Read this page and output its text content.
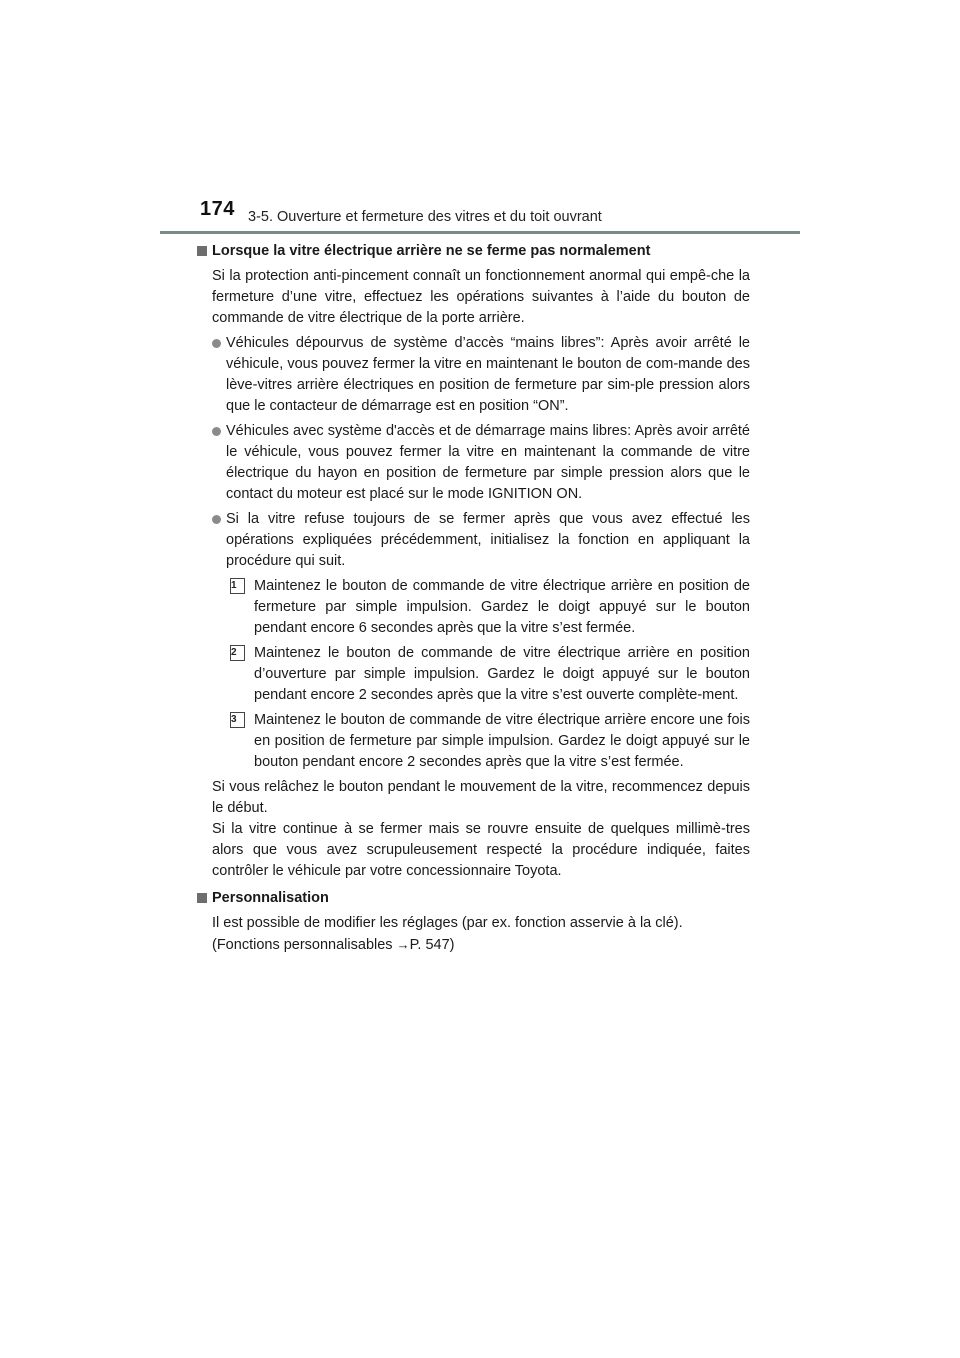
174 3-5. Ouverture et fermeture des vitres et du toit ouvrant

Lorsque la vitre électrique arrière ne se ferme pas normalement

Si la protection anti-pincement connaît un fonctionnement anormal qui empê-che la fermeture d’une vitre, effectuez les opérations suivantes à l’aide du bouton de commande de vitre électrique de la porte arrière.

Véhicules dépourvus de système d’accès “mains libres”: Après avoir arrêté le véhicule, vous pouvez fermer la vitre en maintenant le bouton de com-mande des lève-vitres arrière électriques en position de fermeture par sim-ple pression alors que le contacteur de démarrage est en position “ON”.
Véhicules avec système d'accès et de démarrage mains libres: Après avoir arrêté le véhicule, vous pouvez fermer la vitre en maintenant la commande de vitre électrique du hayon en position de fermeture par simple pression alors que le contact du moteur est placé sur le mode IGNITION ON.
Si la vitre refuse toujours de se fermer après que vous avez effectué les opérations expliquées précédemment, initialisez la fonction en appliquant la procédure qui suit.
1	Maintenez le bouton de commande de vitre électrique arrière en position de fermeture par simple impulsion. Gardez le doigt appuyé sur le bouton pendant encore 6 secondes après que la vitre s’est fermée.
2	Maintenez le bouton de commande de vitre électrique arrière en position d’ouverture par simple impulsion. Gardez le doigt appuyé sur le bouton pendant encore 2 secondes après que la vitre s’est ouverte complète-ment.
3	Maintenez le bouton de commande de vitre électrique arrière encore une fois en position de fermeture par simple impulsion. Gardez le doigt appuyé sur le bouton pendant encore 2 secondes après que la vitre s’est fermée.

Si vous relâchez le bouton pendant le mouvement de la vitre, recommencez depuis le début.

Si la vitre continue à se fermer mais se rouvre ensuite de quelques millimè-tres alors que vous avez scrupuleusement respecté la procédure indiquée, faites contrôler le véhicule par votre concessionnaire Toyota.

Personnalisation

Il est possible de modifier les réglages (par ex. fonction asservie à la clé).

(Fonctions personnalisables →P. 547)
